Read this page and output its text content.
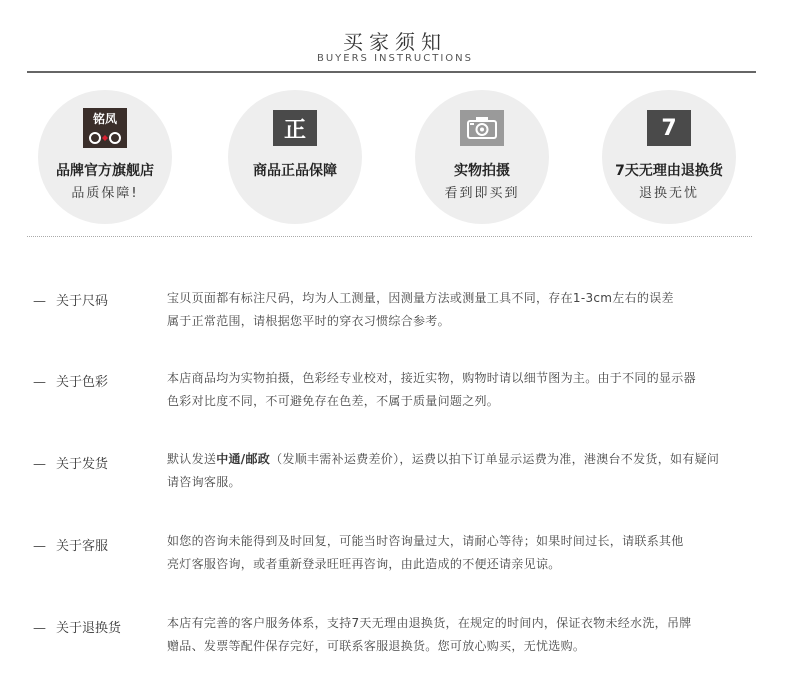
买家须知
BUYERS INSTRUCTIONS
铭凤
品牌官方旗舰店
品质保障!
正
商品正品保障	实物拍摄
看到即买到
7
7天无理由退换货
退换无忧
— 关于尺码	宝贝页面都有标注尺码，均为人工测量，因测量方法或测量工具不同，存在1-3cm左右的误差
属于正常范围，请根据您平时的穿衣习惯综合参考。
— 关于色彩	本店商品均为实物拍摄，色彩经专业校对，接近实物，购物时请以细节图为主。由于不同的显示器
色彩对比度不同，不可避免存在色差，不属于质量问题之列。
— 关于发货	默认发送中通/邮政（发顺丰需补运费差价），运费以拍下订单显示运费为准，港澳台不发货，如有疑问
请咨询客服。
— 关于客服	如您的咨询未能得到及时回复，可能当时咨询量过大，请耐心等待；如果时间过长，请联系其他
亮灯客服咨询，或者重新登录旺旺再咨询，由此造成的不便还请亲见谅。
— 关于退换货	本店有完善的客户服务体系，支持7天无理由退换货，在规定的时间内，保证衣物未经水洗，吊牌
赠品、发票等配件保存完好，可联系客服退换货。您可放心购买，无忧选购。
